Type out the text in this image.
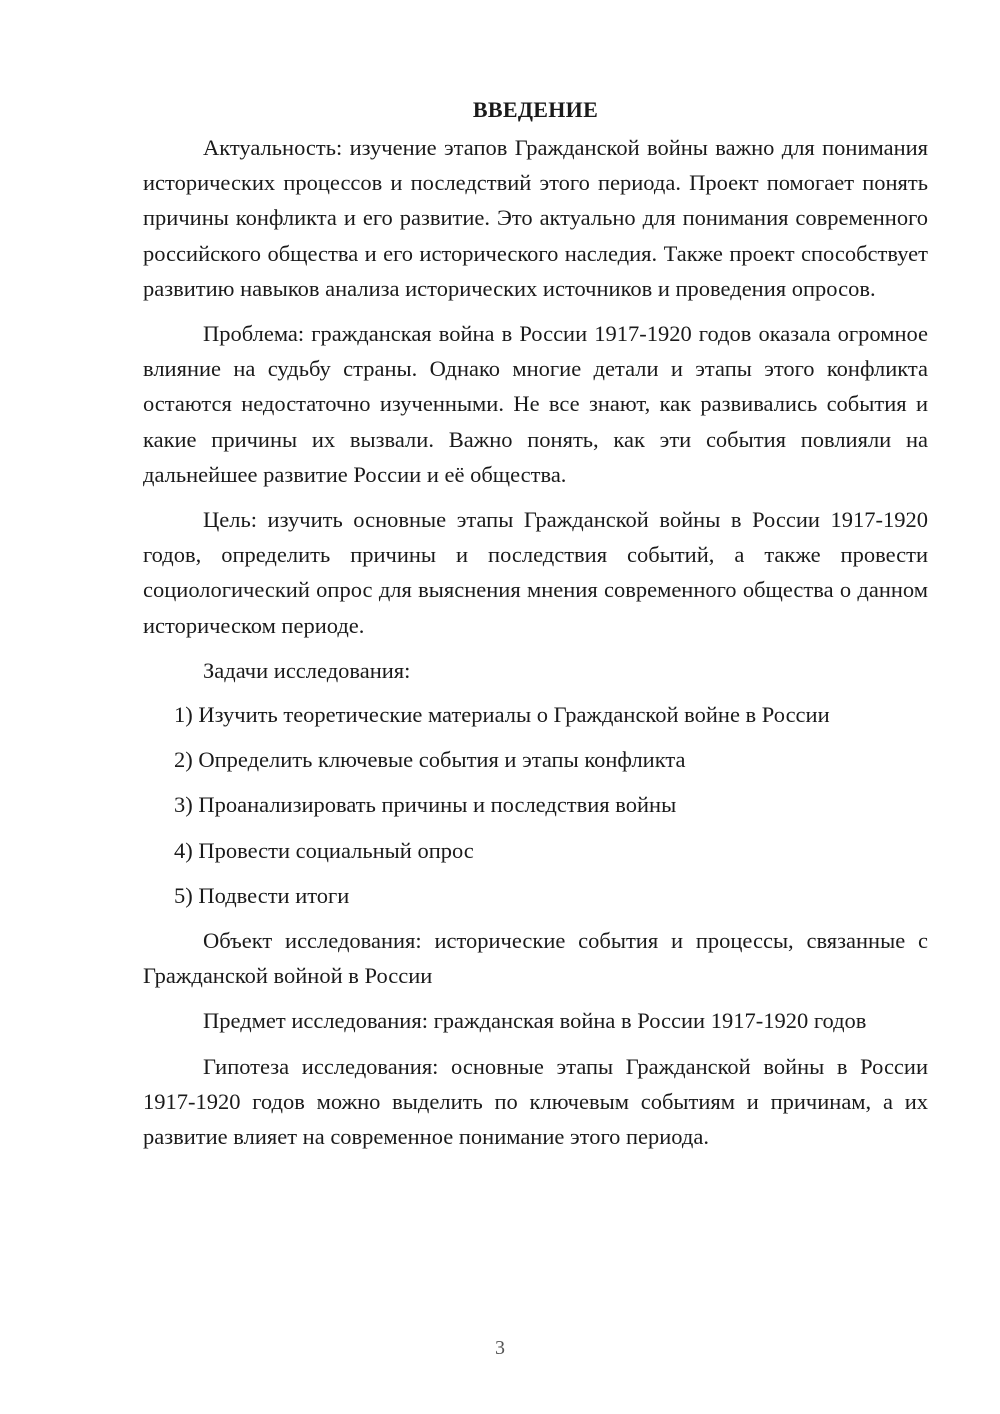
ВВЕДЕНИЕ

Актуальность: изучение этапов Гражданской войны важно для понимания исторических процессов и последствий этого периода. Проект помогает понять причины конфликта и его развитие. Это актуально для понимания современного российского общества и его исторического наследия. Также проект способствует развитию навыков анализа исторических источников и проведения опросов.

Проблема: гражданская война в России 1917-1920 годов оказала огромное влияние на судьбу страны. Однако многие детали и этапы этого конфликта остаются недостаточно изученными. Не все знают, как развивались события и какие причины их вызвали. Важно понять, как эти события повлияли на дальнейшее развитие России и её общества.

Цель: изучить основные этапы Гражданской войны в России 1917-1920 годов, определить причины и последствия событий, а также провести социологический опрос для выяснения мнения современного общества о данном историческом периоде.

Задачи исследования:

1) Изучить теоретические материалы о Гражданской войне в России
2) Определить ключевые события и этапы конфликта
3) Проанализировать причины и последствия войны
4) Провести социальный опрос
5) Подвести итоги

Объект исследования: исторические события и процессы, связанные с Гражданской войной в России

Предмет исследования: гражданская война в России 1917-1920 годов

Гипотеза исследования: основные этапы Гражданской войны в России 1917-1920 годов можно выделить по ключевым событиям и причинам, а их развитие влияет на современное понимание этого периода.

3
